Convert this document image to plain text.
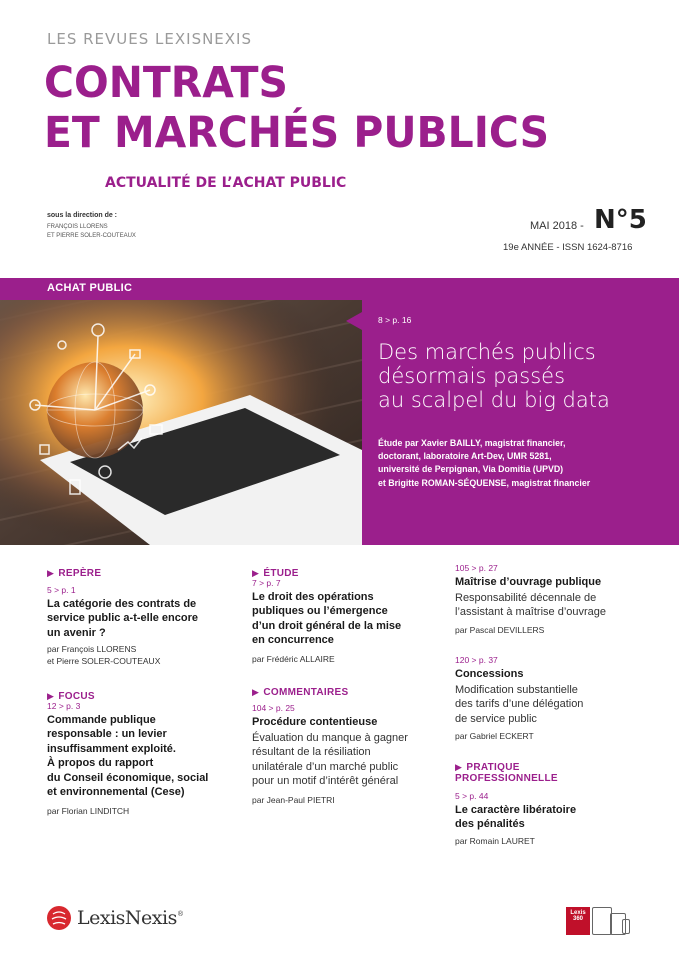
LES REVUES LEXISNEXIS
CONTRATS
ET MARCHÉS PUBLICS
ACTUALITÉ DE L’ACHAT PUBLIC
sous la direction de :
FRANÇOIS LLORENS
ET PIERRE SOLER-COUTEAUX
MAI 2018 - N°5
19e ANNÉE - ISSN 1624-8716
ACHAT PUBLIC
8 > p. 16
Des marchés publics
désormais passés
au scalpel du big data
Étude par Xavier BAILLY, magistrat financier,
doctorant, laboratoire Art-Dev, UMR 5281,
université de Perpignan, Via Domitia (UPVD)
et Brigitte ROMAN-SÉQUENSE, magistrat financier
▶ REPÈRE
5 > p. 1
La catégorie des contrats de
service public a-t-elle encore
un avenir ?
par François LLORENS
et Pierre SOLER-COUTEAUX
▶ FOCUS
12 > p. 3
Commande publique
responsable : un levier
insuffisamment exploité.
À propos du rapport
du Conseil économique, social
et environnemental (Cese)
par Florian LINDITCH
▶ ÉTUDE
7 > p. 7
Le droit des opérations
publiques ou l’émergence
d’un droit général de la mise
en concurrence
par Frédéric ALLAIRE
▶ COMMENTAIRES
104 > p. 25
Procédure contentieuse
Évaluation du manque à gagner
résultant de la résiliation
unilatérale d’un marché public
pour un motif d’intérêt général
par Jean-Paul PIETRI
105 > p. 27
Maîtrise d’ouvrage publique
Responsabilité décennale de
l’assistant à maîtrise d’ouvrage
par Pascal DEVILLERS
120 > p. 37
Concessions
Modification substantielle
des tarifs d’une délégation
de service public
par Gabriel ECKERT
▶ PRATIQUE
PROFESSIONNELLE
5 > p. 44
Le caractère libératoire
des pénalités
par Romain LAURET
LexisNexis ®	Lexis
360
